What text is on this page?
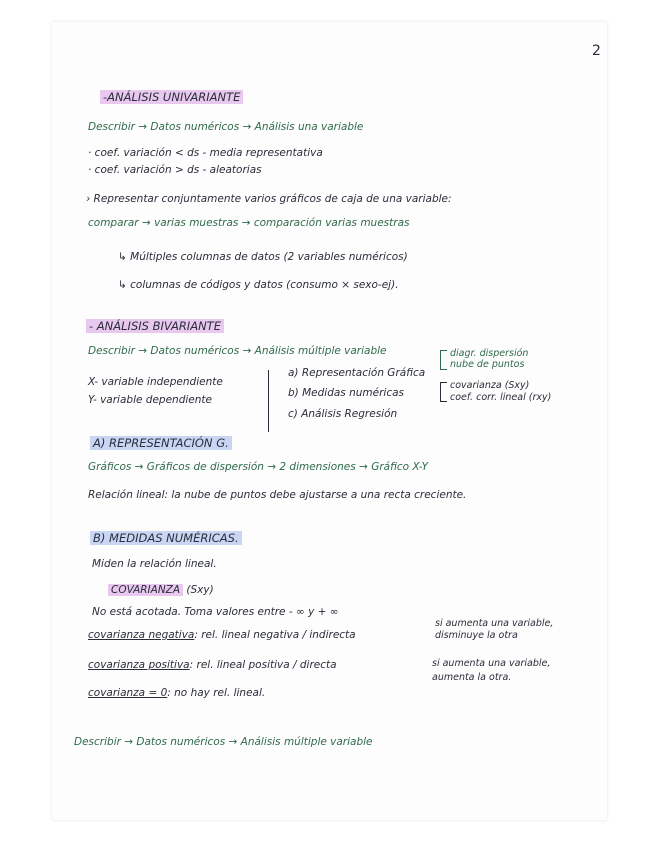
2
-ANÁLISIS UNIVARIANTE
Describir → Datos numéricos → Análisis una variable
· coef. variación < ds - media representativa
· coef. variación > ds - aleatorias
› Representar conjuntamente varios gráficos de caja de una variable:
comparar → varias muestras → comparación varias muestras
↳ Múltiples columnas de datos (2 variables numéricos)
↳ columnas de códigos y datos (consumo × sexo-ej).
- ANÁLISIS BIVARIANTE
Describir → Datos numéricos → Análisis múltiple variable
X- variable independiente
Y- variable dependiente
a) Representación Gráfica
b) Medidas numéricas
c) Análisis Regresión
diagr. dispersión
nube de puntos
covarianza (Sxy)
coef. corr. lineal (rxy)
A) REPRESENTACIÓN G.
Gráficos → Gráficos de dispersión → 2 dimensiones → Gráfico X-Y
Relación lineal: la nube de puntos debe ajustarse a una recta creciente.
B) MEDIDAS NUMÉRICAS.
Miden la relación lineal.
COVARIANZA (Sxy)
No está acotada. Toma valores entre - ∞ y + ∞
covarianza negativa: rel. lineal negativa / indirecta
si aumenta una variable,
disminuye la otra
covarianza positiva: rel. lineal positiva / directa	si aumenta una variable,
aumenta la otra.
covarianza = 0: no hay rel. lineal.
Describir → Datos numéricos → Análisis múltiple variable
